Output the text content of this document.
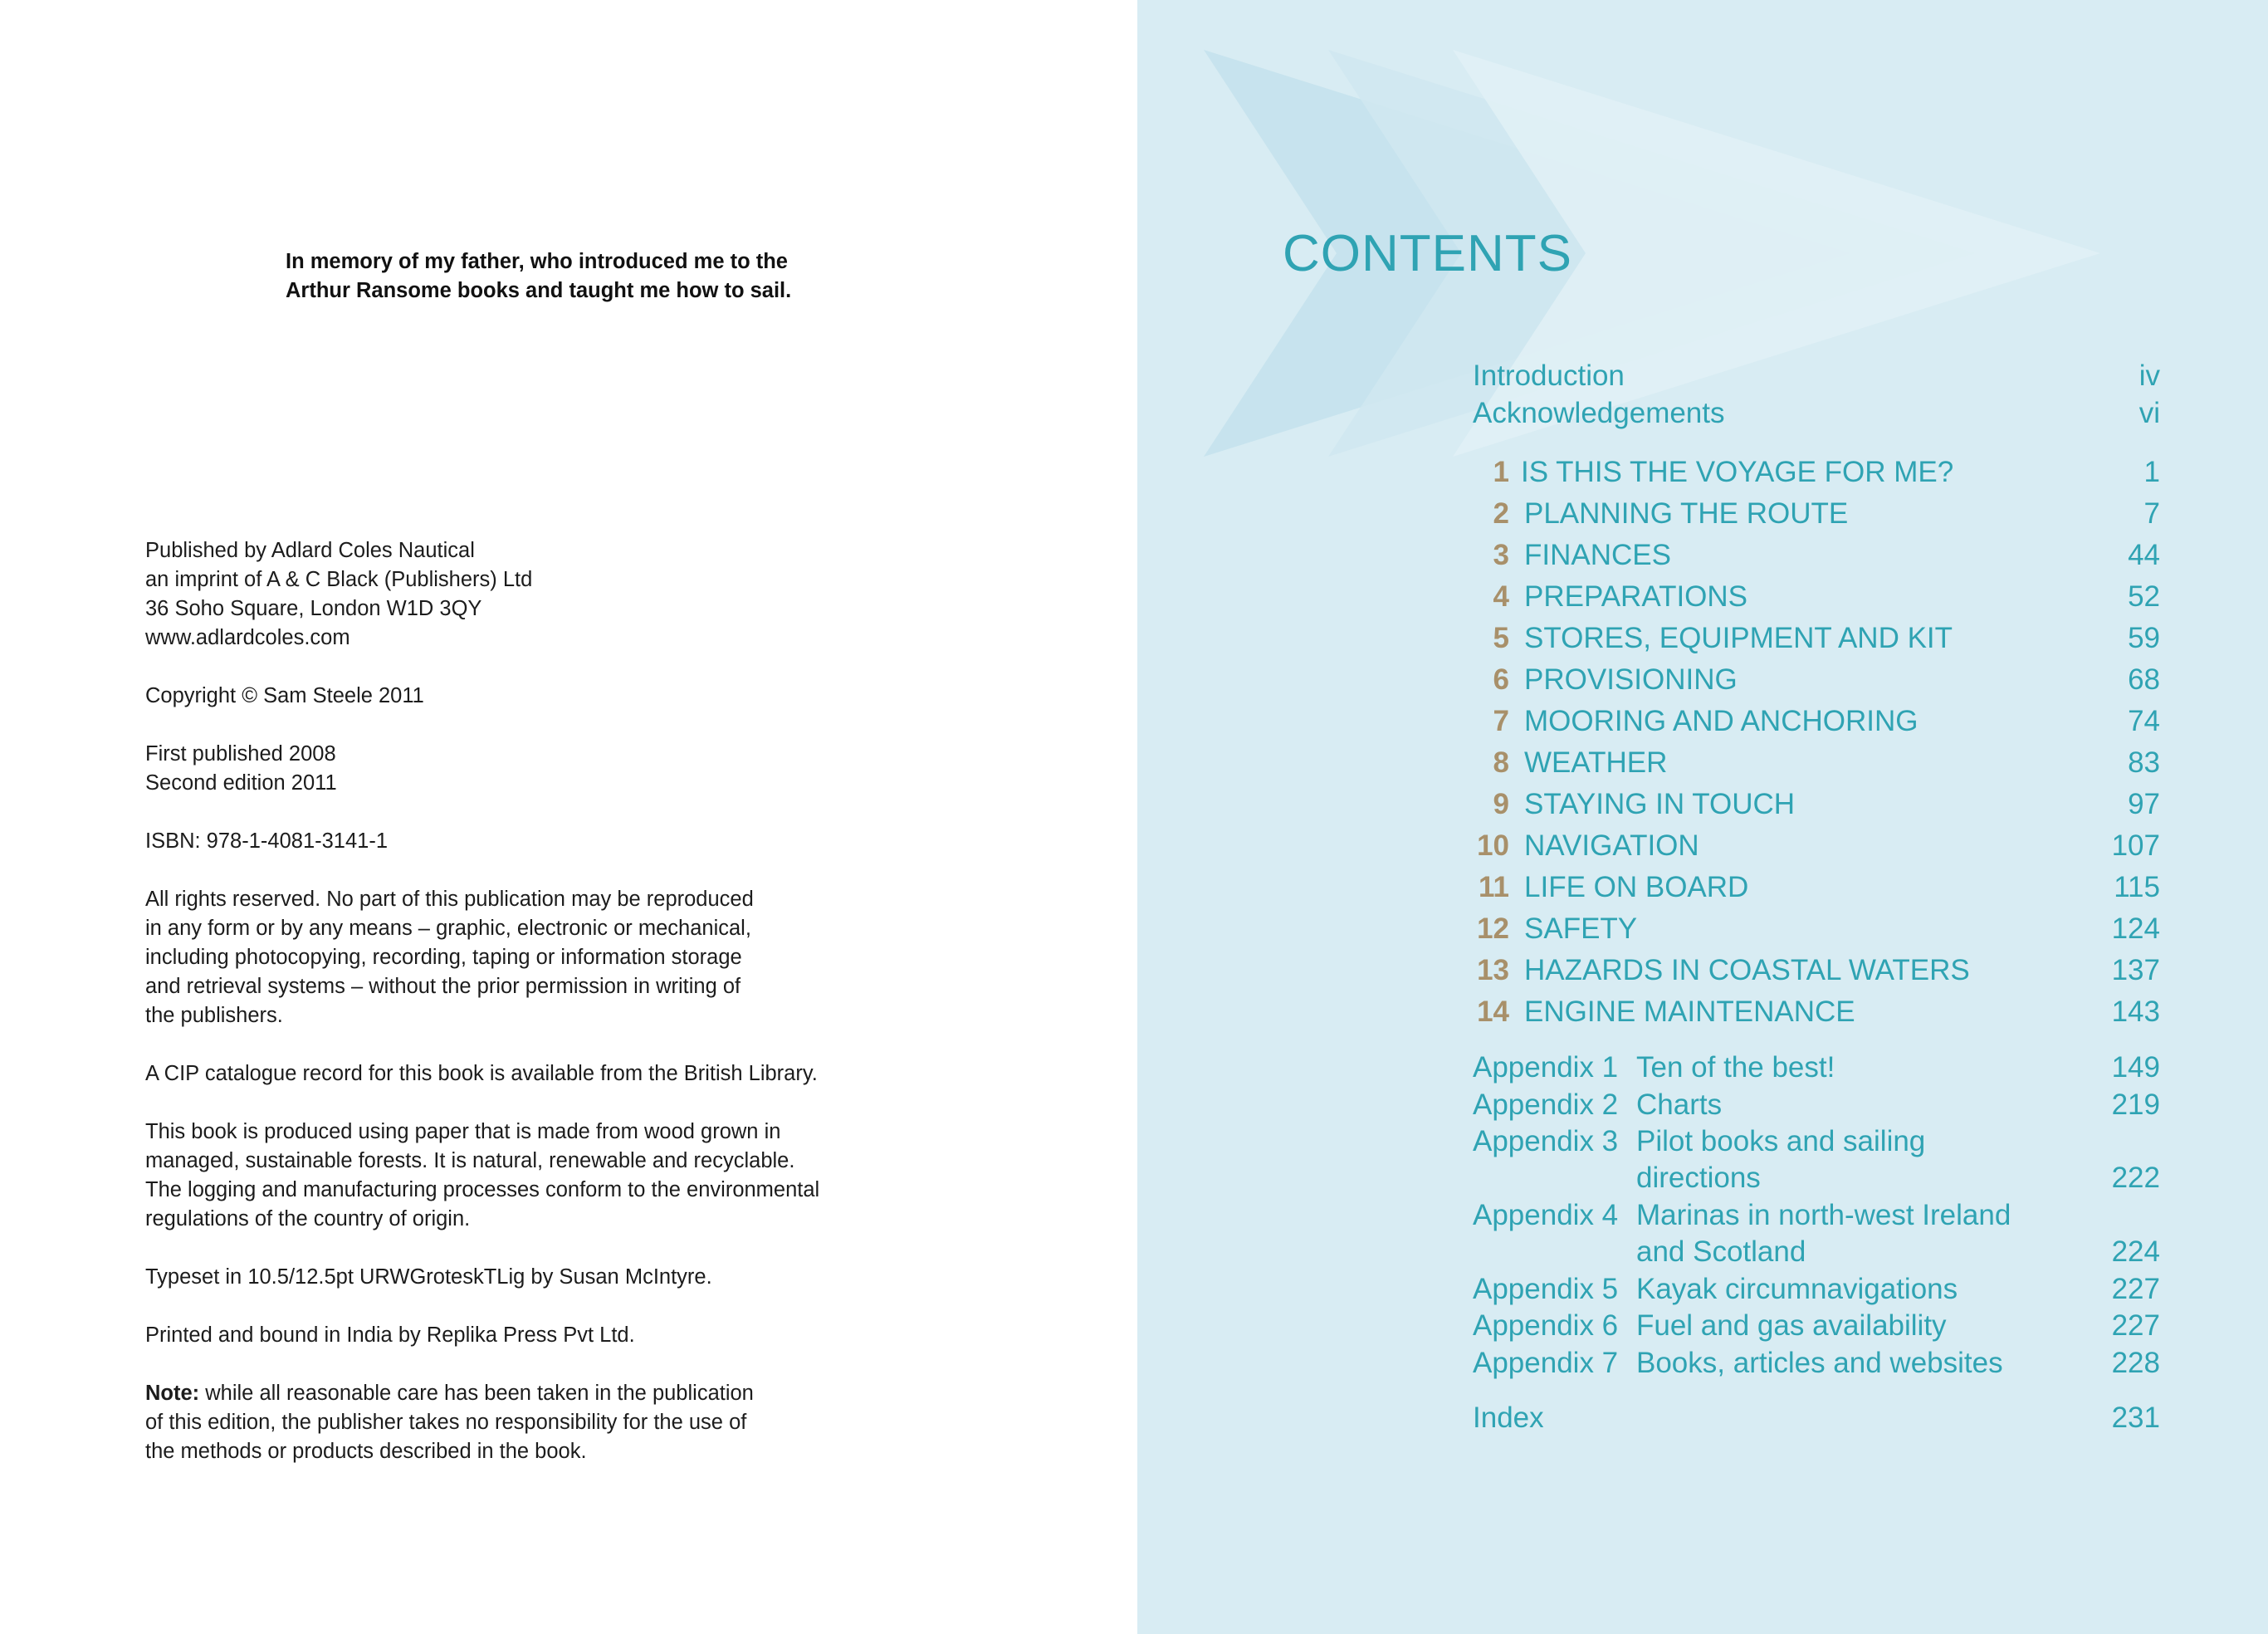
In memory of my father, who introduced me to the
Arthur Ransome books and taught me how to sail.

Published by Adlard Coles Nautical
an imprint of A & C Black (Publishers) Ltd
36 Soho Square, London W1D 3QY
www.adlardcoles.com

Copyright © Sam Steele 2011

First published 2008
Second edition 2011

ISBN: 978-1-4081-3141-1

All rights reserved. No part of this publication may be reproduced
in any form or by any means – graphic, electronic or mechanical,
including photocopying, recording, taping or information storage
and retrieval systems – without the prior permission in writing of
the publishers.

A CIP catalogue record for this book is available from the British Library.

This book is produced using paper that is made from wood grown in
managed, sustainable forests. It is natural, renewable and recyclable.
The logging and manufacturing processes conform to the environmental
regulations of the country of origin.

Typeset in 10.5/12.5pt URWGroteskTLig by Susan McIntyre.

Printed and bound in India by Replika Press Pvt Ltd.

Note: while all reasonable care has been taken in the publication
of this edition, the publisher takes no responsibility for the use of
the methods or products described in the book.

CONTENTS
Introduction	iv
Acknowledgements	vi
1 IS THIS THE VOYAGE FOR ME?	1
2 PLANNING THE ROUTE	7
3 FINANCES	44
4 PREPARATIONS	52
5 STORES, EQUIPMENT AND KIT	59
6 PROVISIONING	68
7 MOORING AND ANCHORING	74
8 WEATHER	83
9 STAYING IN TOUCH	97
10 NAVIGATION	107
11 LIFE ON BOARD	115
12 SAFETY	124
13 HAZARDS IN COASTAL WATERS	137
14 ENGINE MAINTENANCE	143
Appendix 1 Ten of the best!	149
Appendix 2 Charts	219
Appendix 3 Pilot books and sailing
directions	222
Appendix 4 Marinas in north-west Ireland
and Scotland	224
Appendix 5 Kayak circumnavigations	227
Appendix 6 Fuel and gas availability	227
Appendix 7 Books, articles and websites	228
Index	231
